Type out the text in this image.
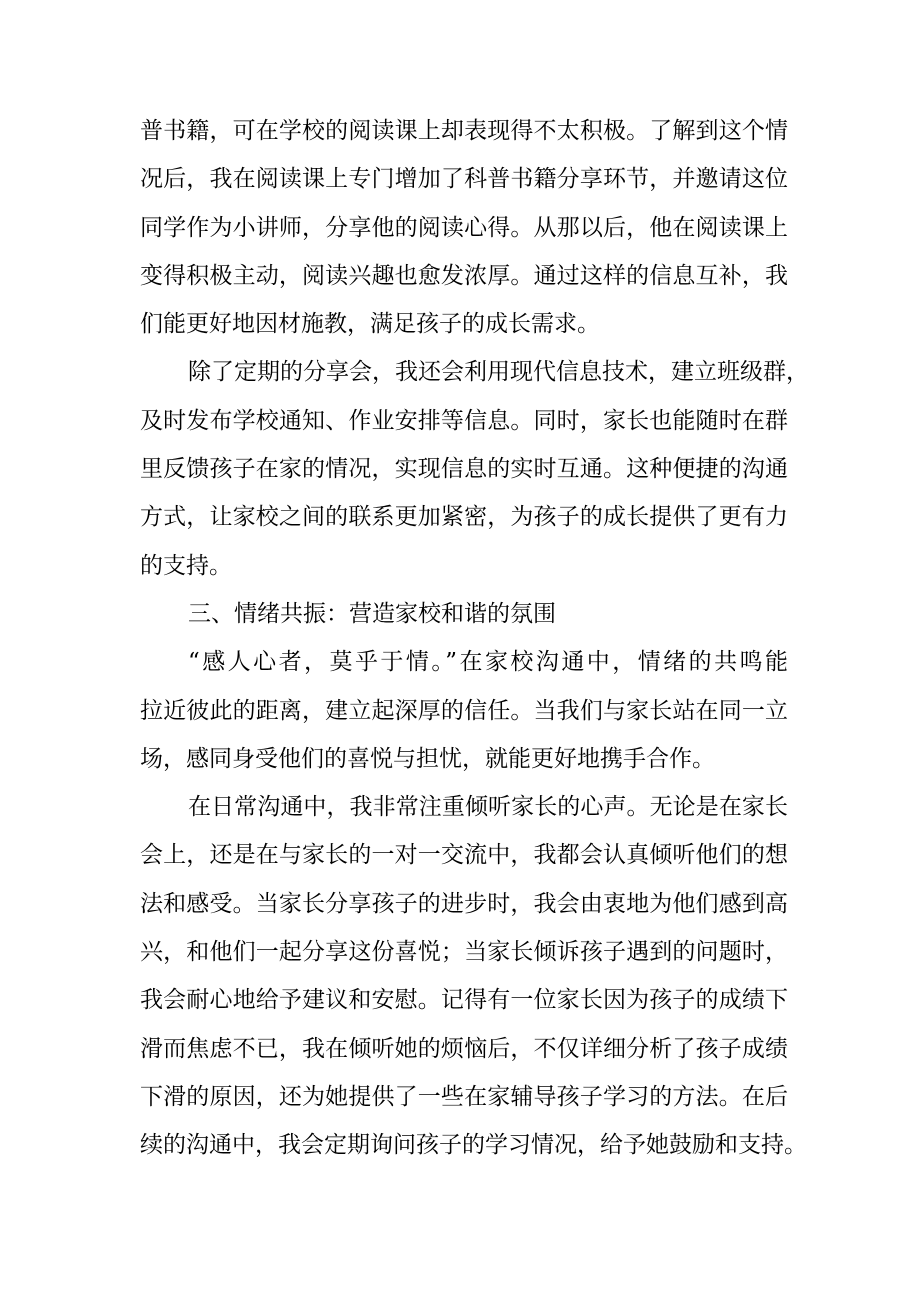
普书籍，可在学校的阅读课上却表现得不太积极。了解到这个情
况后，我在阅读课上专门增加了科普书籍分享环节，并邀请这位
同学作为小讲师，分享他的阅读心得。从那以后，他在阅读课上
变得积极主动，阅读兴趣也愈发浓厚。通过这样的信息互补，我
们能更好地因材施教，满足孩子的成长需求。
除了定期的分享会，我还会利用现代信息技术，建立班级群，
及时发布学校通知、作业安排等信息。同时，家长也能随时在群
里反馈孩子在家的情况，实现信息的实时互通。这种便捷的沟通
方式，让家校之间的联系更加紧密，为孩子的成长提供了更有力
的支持。
三、情绪共振：营造家校和谐的氛围
“感人心者，莫乎于情。”在家校沟通中，情绪的共鸣能
拉近彼此的距离，建立起深厚的信任。当我们与家长站在同一立
场，感同身受他们的喜悦与担忧，就能更好地携手合作。
在日常沟通中，我非常注重倾听家长的心声。无论是在家长
会上，还是在与家长的一对一交流中，我都会认真倾听他们的想
法和感受。当家长分享孩子的进步时，我会由衷地为他们感到高
兴，和他们一起分享这份喜悦；当家长倾诉孩子遇到的问题时，
我会耐心地给予建议和安慰。记得有一位家长因为孩子的成绩下
滑而焦虑不已，我在倾听她的烦恼后，不仅详细分析了孩子成绩
下滑的原因，还为她提供了一些在家辅导孩子学习的方法。在后
续的沟通中，我会定期询问孩子的学习情况，给予她鼓励和支持。
